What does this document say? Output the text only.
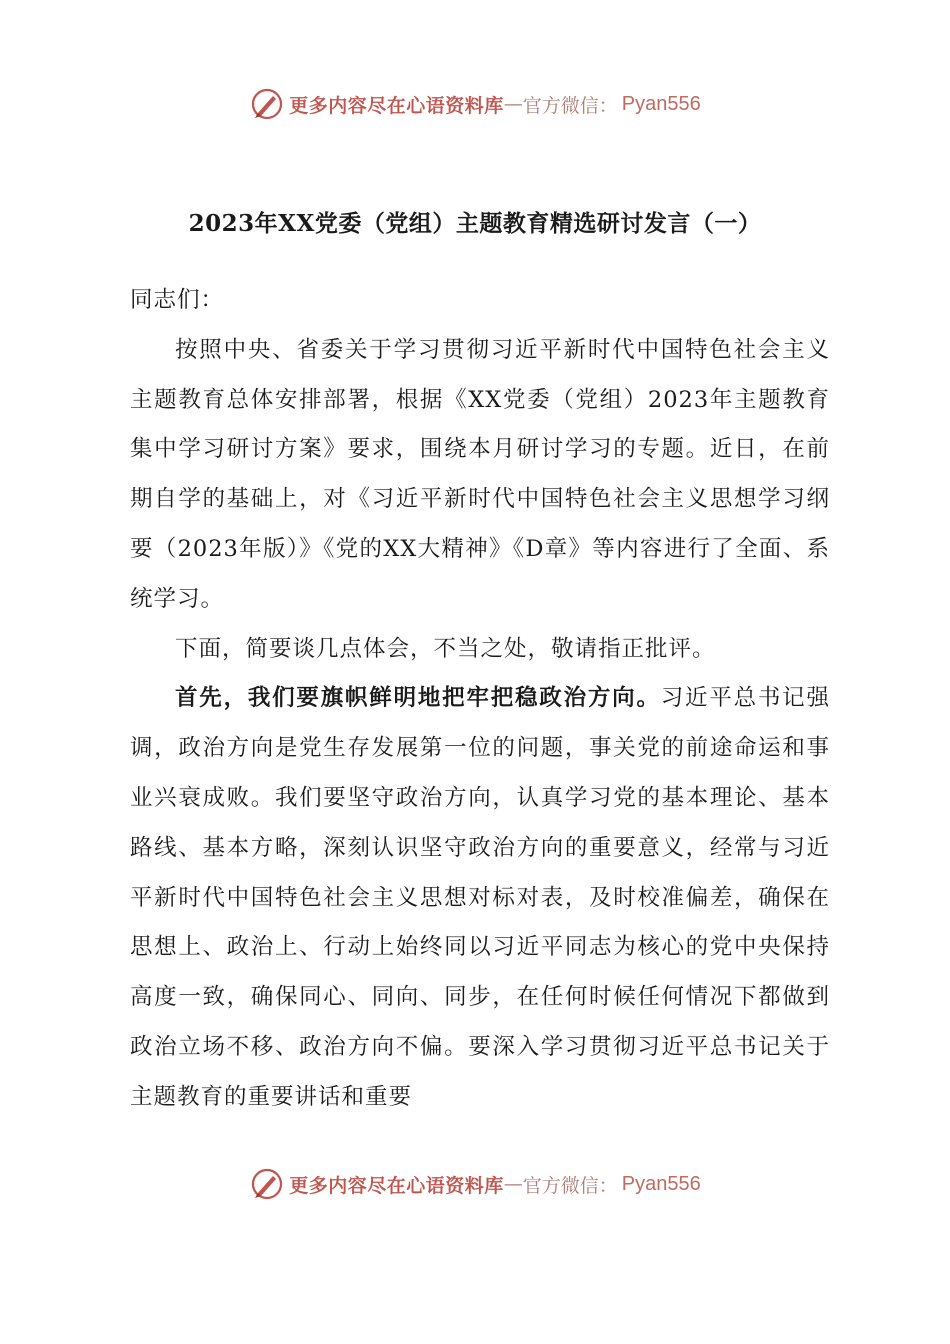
更多内容尽在心语资料库 — 官方微信： Pyan556
2023年XX党委（党组）主题教育精选研讨发言（一）

同志们：

按照中央、省委关于学习贯彻习近平新时代中国特色社会主义主题教育总体安排部署，根据《XX党委（党组）2023年主题教育集中学习研讨方案》要求，围绕本月研讨学习的专题。近日，在前期自学的基础上，对《习近平新时代中国特色社会主义思想学习纲要（2023年版）》《党的XX大精神》《D章》等内容进行了全面、系统学习。

下面，简要谈几点体会，不当之处，敬请指正批评。

首先，我们要旗帜鲜明地把牢把稳政治方向。习近平总书记强调，政治方向是党生存发展第一位的问题，事关党的前途命运和事业兴衰成败。我们要坚守政治方向，认真学习党的基本理论、基本路线、基本方略，深刻认识坚守政治方向的重要意义，经常与习近平新时代中国特色社会主义思想对标对表，及时校准偏差，确保在思想上、政治上、行动上始终同以习近平同志为核心的党中央保持高度一致，确保同心、同向、同步，在任何时候任何情况下都做到政治立场不移、政治方向不偏。要深入学习贯彻习近平总书记关于主题教育的重要讲话和重要

更多内容尽在心语资料库 — 官方微信： Pyan556
